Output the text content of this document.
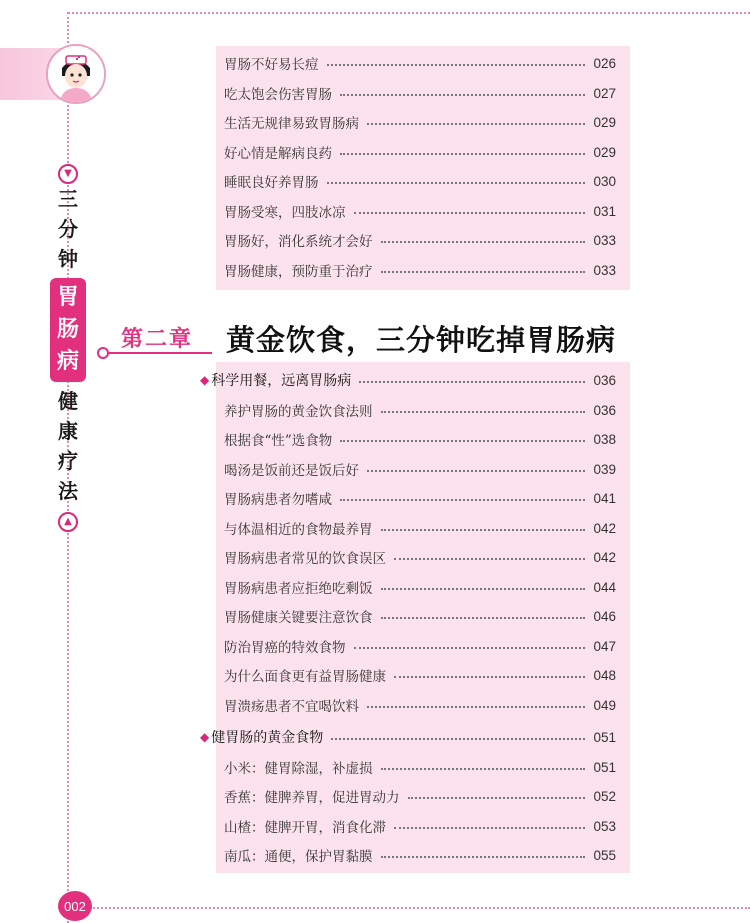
▼
三
分
钟
胃
肠
病
健
康
疗
法
▲
胃肠不好易长痘	026
吃太饱会伤害胃肠	027
生活无规律易致胃肠病	029
好心情是解病良药	029
睡眠良好养胃肠	030
胃肠受寒，四肢冰凉	031
胃肠好，消化系统才会好	033
胃肠健康，预防重于治疗	033
第二章 黄金饮食，三分钟吃掉胃肠病
◆ 科学用餐，远离胃肠病	036
养护胃肠的黄金饮食法则	036
根据食“性”选食物	038
喝汤是饭前还是饭后好	039
胃肠病患者勿嗜咸	041
与体温相近的食物最养胃	042
胃肠病患者常见的饮食误区	042
胃肠病患者应拒绝吃剩饭	044
胃肠健康关键要注意饮食	046
防治胃癌的特效食物	047
为什么面食更有益胃肠健康	048
胃溃疡患者不宜喝饮料	049
◆ 健胃肠的黄金食物	051
小米：健胃除湿，补虚损	051
香蕉：健脾养胃，促进胃动力	052
山楂：健脾开胃，消食化滞	053
南瓜：通便，保护胃黏膜	055
002
